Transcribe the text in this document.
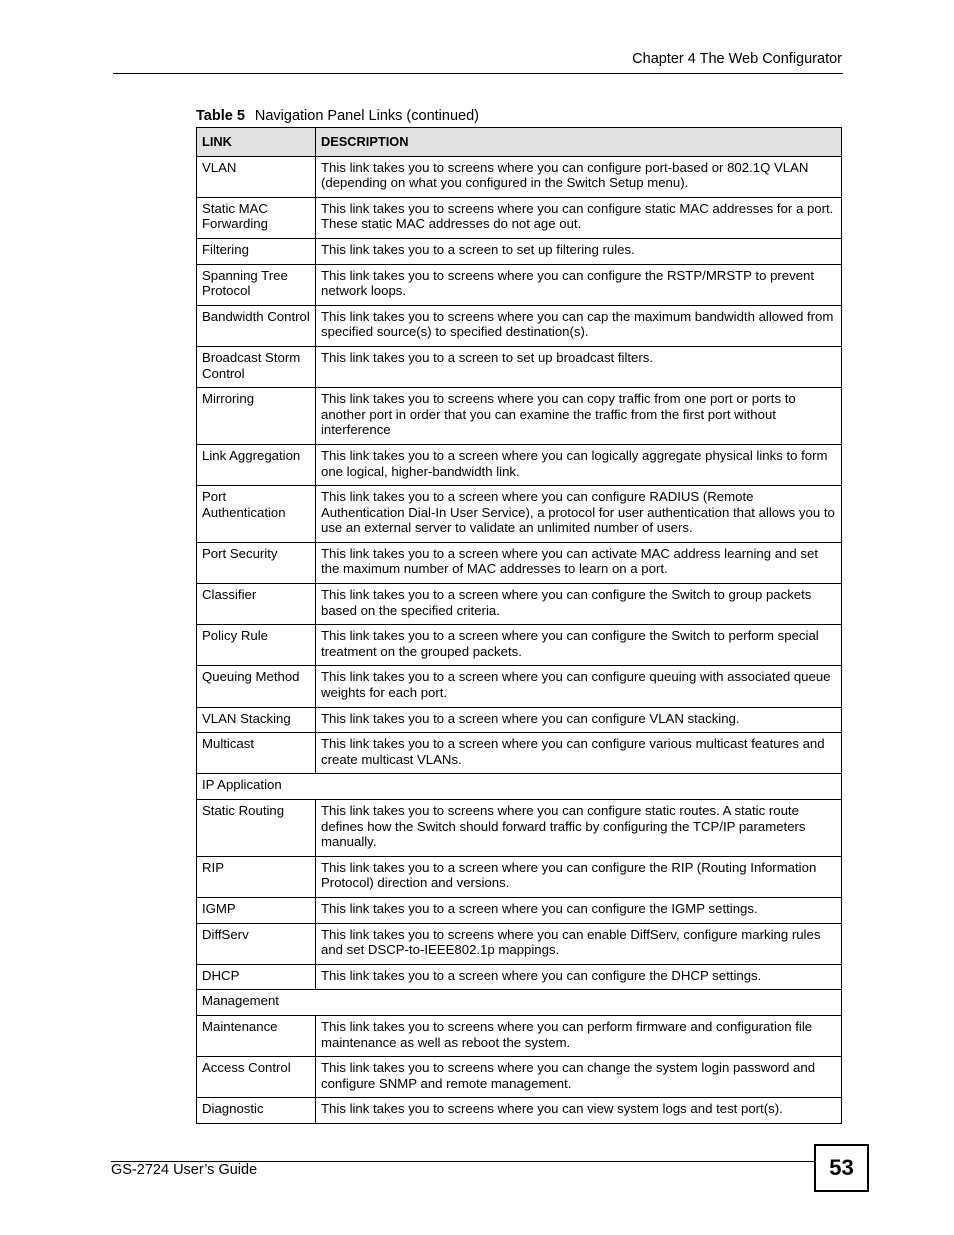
Chapter 4 The Web Configurator
Table 5 Navigation Panel Links (continued)
LINK	DESCRIPTION
VLAN	This link takes you to screens where you can configure port-based or 802.1Q VLAN (depending on what you configured in the Switch Setup menu).
Static MAC Forwarding	This link takes you to screens where you can configure static MAC addresses for a port. These static MAC addresses do not age out.
Filtering	This link takes you to a screen to set up filtering rules.
Spanning Tree Protocol	This link takes you to screens where you can configure the RSTP/MRSTP to prevent network loops.
Bandwidth Control	This link takes you to screens where you can cap the maximum bandwidth allowed from specified source(s) to specified destination(s).
Broadcast Storm Control	This link takes you to a screen to set up broadcast filters.
Mirroring	This link takes you to screens where you can copy traffic from one port or ports to another port in order that you can examine the traffic from the first port without interference
Link Aggregation	This link takes you to a screen where you can logically aggregate physical links to form one logical, higher-bandwidth link.
Port Authentication	This link takes you to a screen where you can configure RADIUS (Remote Authentication Dial-In User Service), a protocol for user authentication that allows you to use an external server to validate an unlimited number of users.
Port Security	This link takes you to a screen where you can activate MAC address learning and set the maximum number of MAC addresses to learn on a port.
Classifier	This link takes you to a screen where you can configure the Switch to group packets based on the specified criteria.
Policy Rule	This link takes you to a screen where you can configure the Switch to perform special treatment on the grouped packets.
Queuing Method	This link takes you to a screen where you can configure queuing with associated queue weights for each port.
VLAN Stacking	This link takes you to a screen where you can configure VLAN stacking.
Multicast	This link takes you to a screen where you can configure various multicast features and create multicast VLANs.
IP Application	
Static Routing	This link takes you to screens where you can configure static routes. A static route defines how the Switch should forward traffic by configuring the TCP/IP parameters manually.
RIP	This link takes you to a screen where you can configure the RIP (Routing Information Protocol) direction and versions.
IGMP	This link takes you to a screen where you can configure the IGMP settings.
DiffServ	This link takes you to screens where you can enable DiffServ, configure marking rules and set DSCP-to-IEEE802.1p mappings.
DHCP	This link takes you to a screen where you can configure the DHCP settings.
Management	
Maintenance	This link takes you to screens where you can perform firmware and configuration file maintenance as well as reboot the system.
Access Control	This link takes you to screens where you can change the system login password and configure SNMP and remote management.
Diagnostic	This link takes you to screens where you can view system logs and test port(s).
GS-2724 User’s Guide	53
